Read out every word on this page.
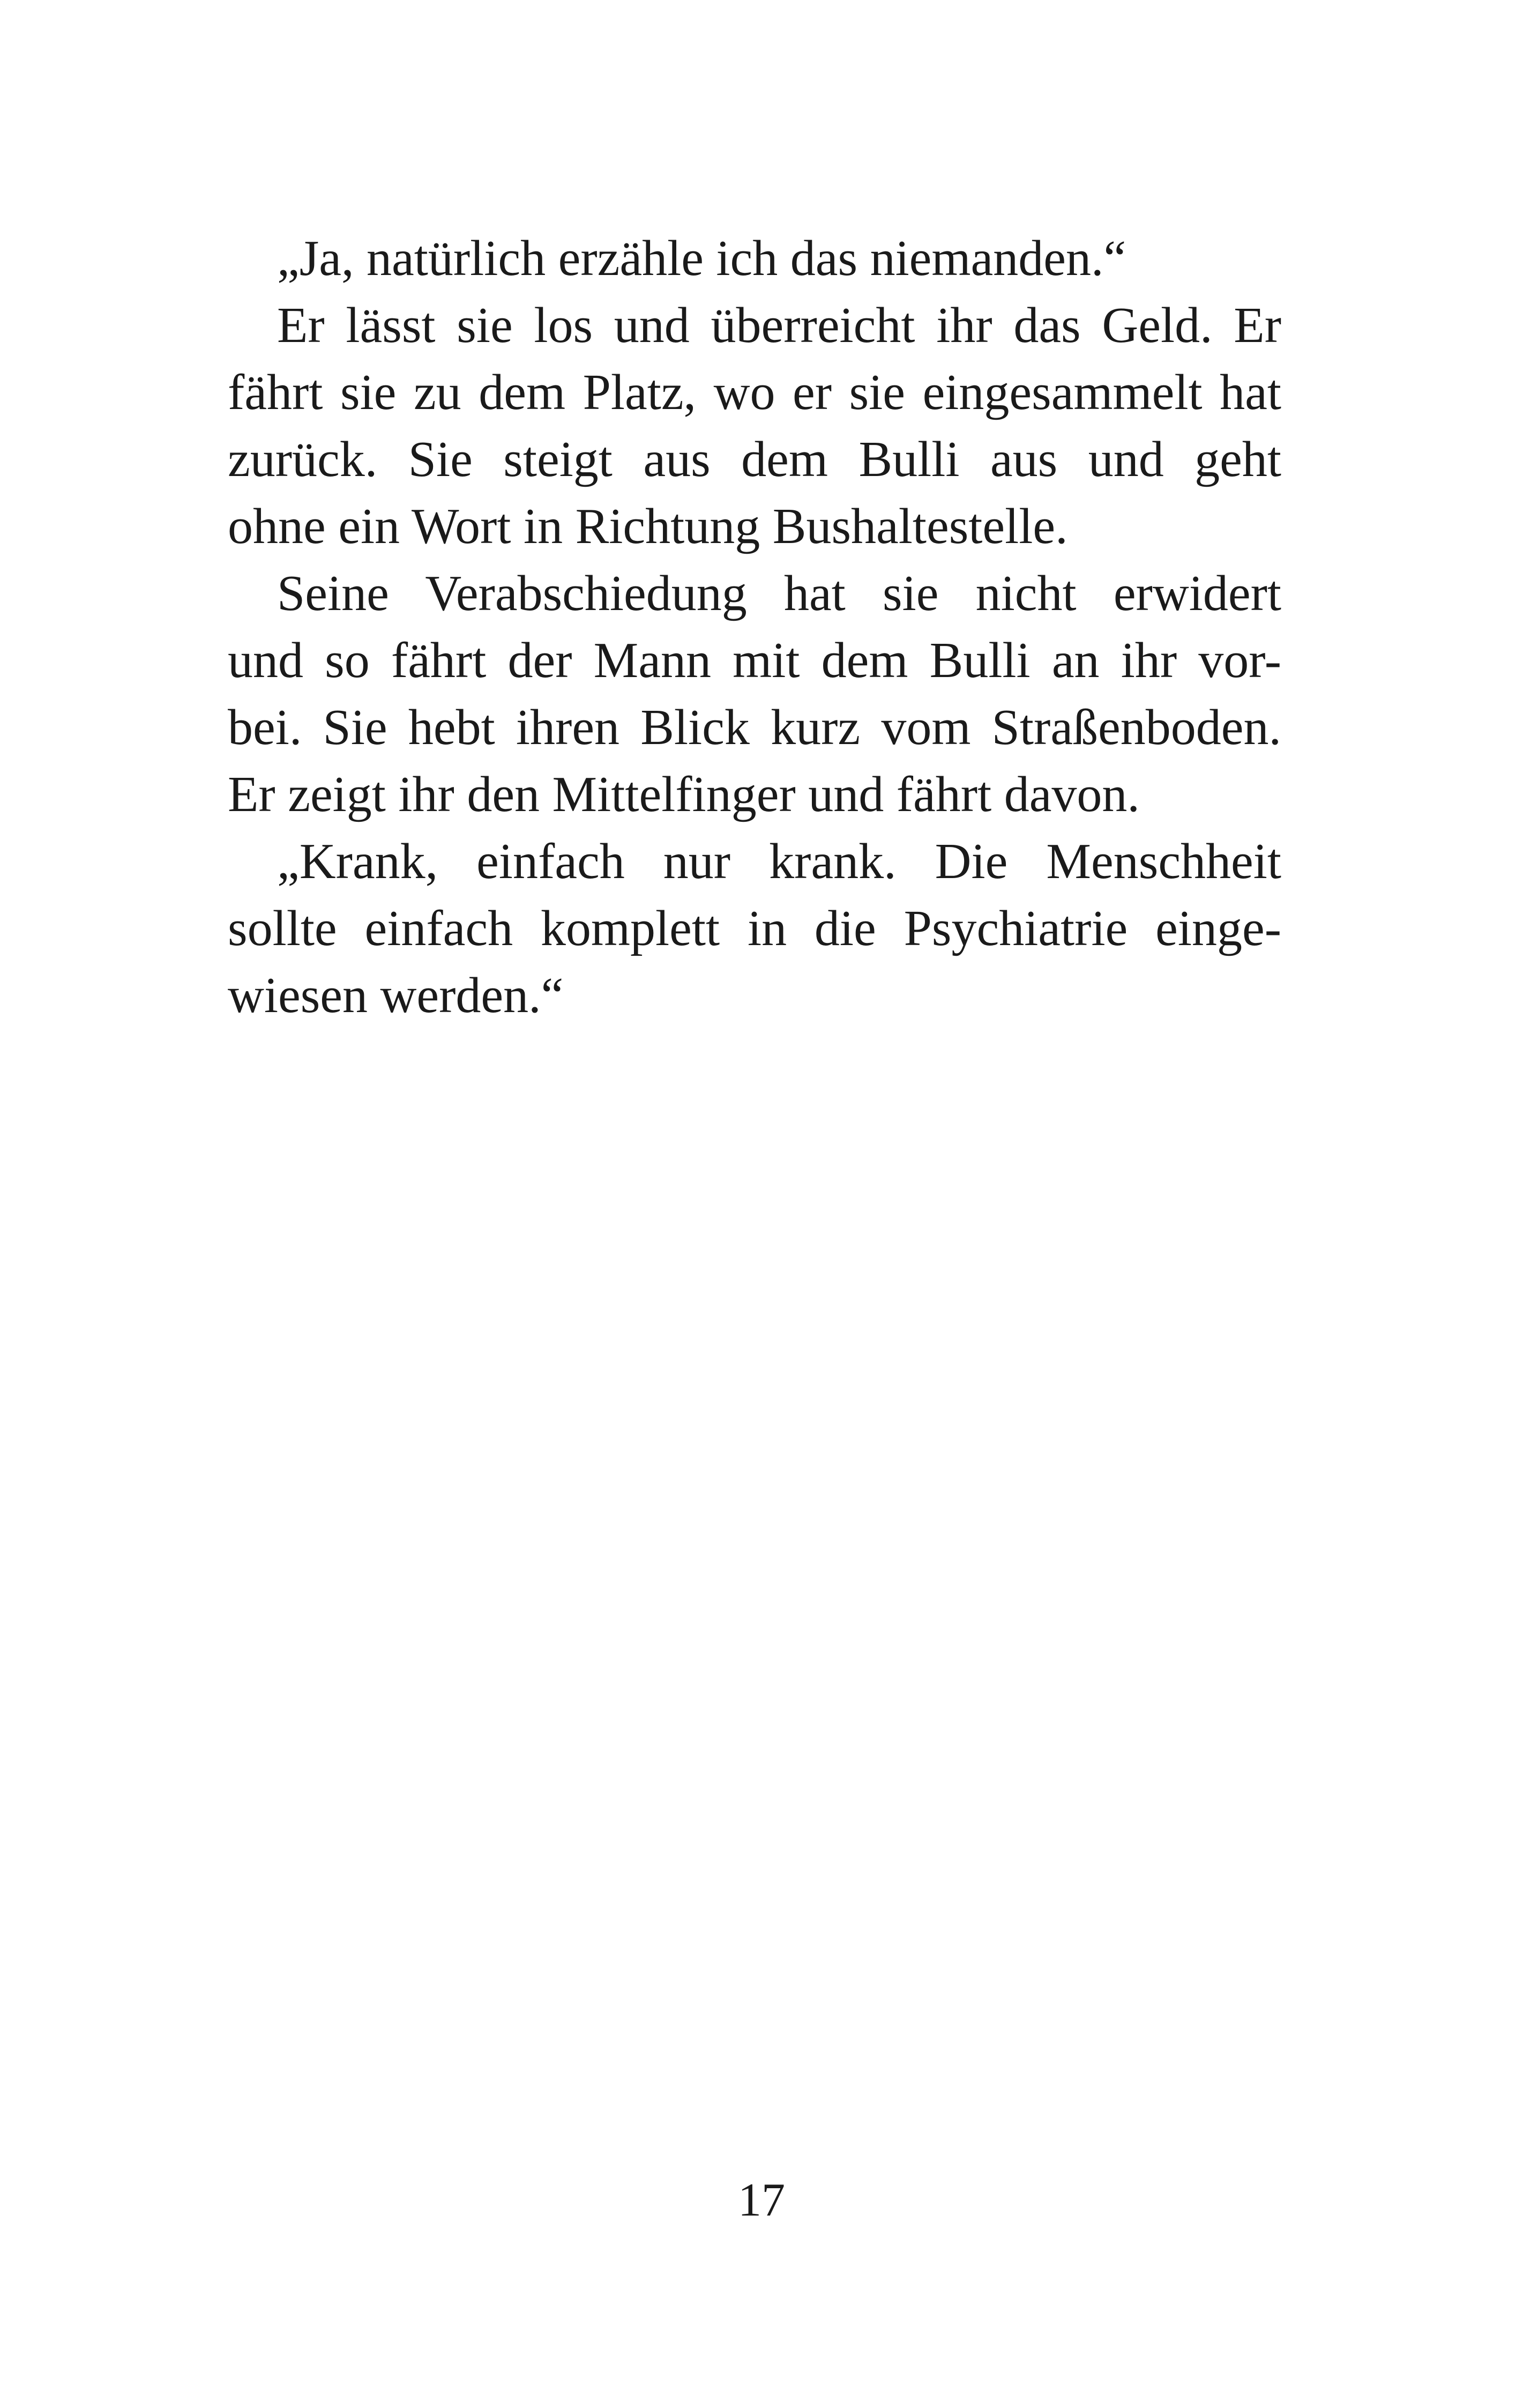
„Ja, natürlich erzähle ich das niemanden.“

Er lässt sie los und überreicht ihr das Geld. Er
fährt sie zu dem Platz, wo er sie eingesammelt hat
zurück. Sie steigt aus dem Bulli aus und geht
ohne ein Wort in Richtung Bushaltestelle.

Seine Verabschiedung hat sie nicht erwidert
und so fährt der Mann mit dem Bulli an ihr vor-
bei. Sie hebt ihren Blick kurz vom Straßenboden.
Er zeigt ihr den Mittelfinger und fährt davon.

„Krank, einfach nur krank. Die Menschheit
sollte einfach komplett in die Psychiatrie einge-
wiesen werden.“

17
